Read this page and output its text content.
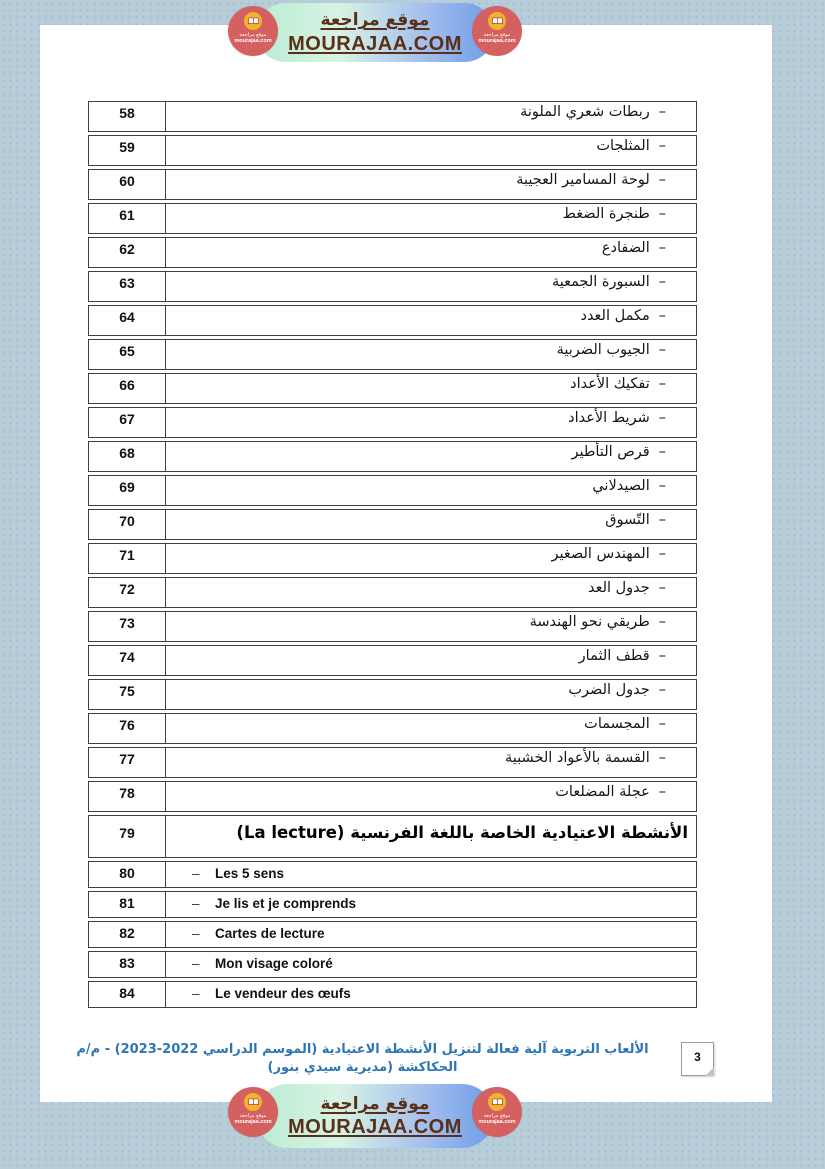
موقع مراجعة
mourajaa.com
موقع مراجعة
MOURAJAA.COM	موقع مراجعة
mourajaa.com
58	–ربطات شعري الملونة
59	–المثلجات
60	–لوحة المسامير العجيبة
61	–طنجرة الضغط
62	–الضفادع
63	–السبورة الجمعية
64	–مكمل العدد
65	–الجيوب الضربية
66	–تفكيك الأعداد
67	–شريط الأعداد
68	–قرص التأطير
69	–الصيدلاني
70	–التّسوق
71	–المهندس الصغير
72	–جدول العد
73	–طريقي نحو الهندسة
74	–قطف الثمار
75	–جدول الضرب
76	–المجسمات
77	–القسمة بالأعواد الخشبية
78	–عجلة المضلعات
79	الأنشطة الاعتيادية الخاصة باللغة الفرنسية (La lecture)
80	– Les 5 sens
81	– Je lis et je comprends
82	– Cartes de lecture
83	– Mon visage coloré
84	– Le vendeur des œufs
الألعاب التربوية آلية فعالة لتنزيل الأنشطة الاعتيادية (الموسم الدراسي 2022-2023) - م/م الحكاكشة (مديرية سيدي بنور)
3
موقع مراجعة
mourajaa.com
موقع مراجعة
MOURAJAA.COM
موقع مراجعة
mourajaa.com
